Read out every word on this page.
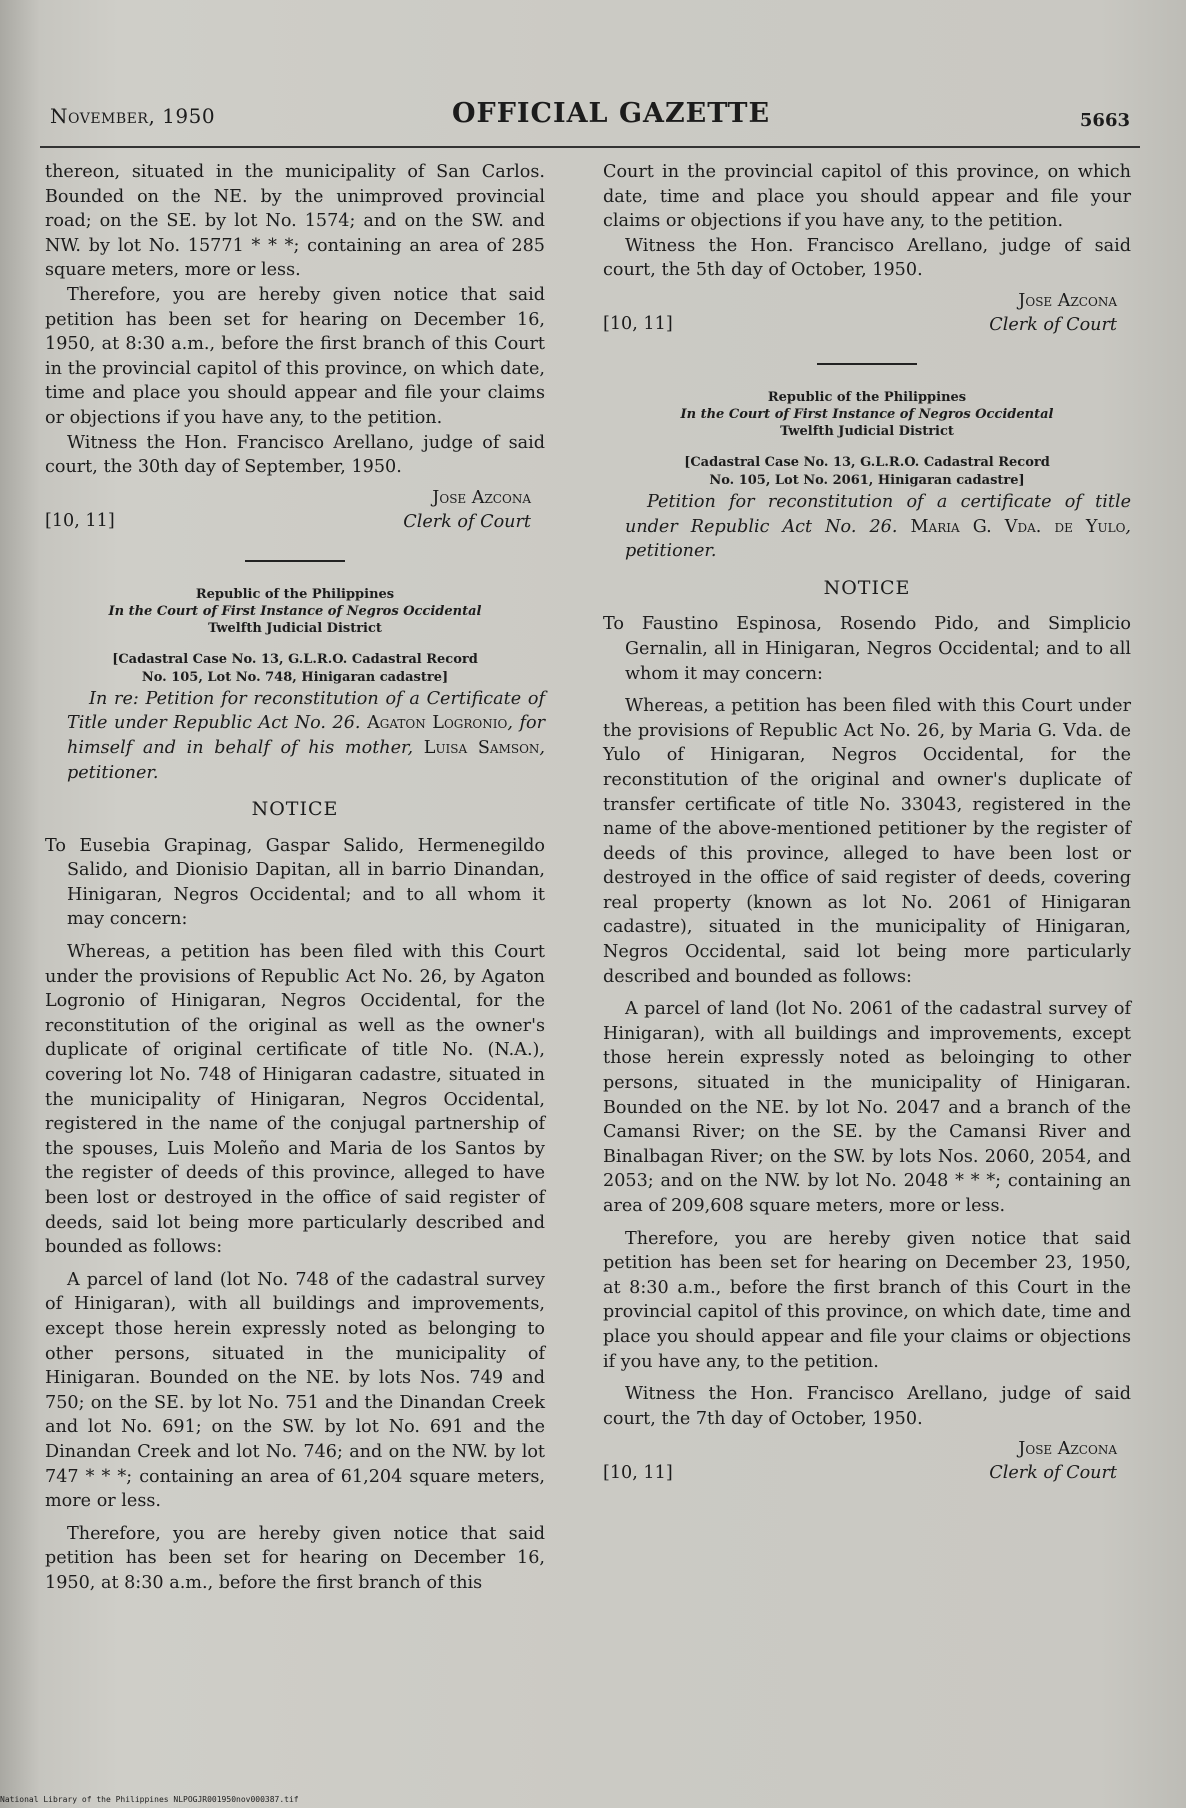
November, 1950	OFFICIAL GAZETTE	5663

thereon, situated in the municipality of San Carlos. Bounded on the NE. by the unimproved provincial road; on the SE. by lot No. 1574; and on the SW. and NW. by lot No. 15771 * * *; containing an area of 285 square meters, more or less.

Therefore, you are hereby given notice that said petition has been set for hearing on December 16, 1950, at 8:30 a.m., before the first branch of this Court in the provincial capitol of this province, on which date, time and place you should appear and file your claims or objections if you have any, to the petition.

Witness the Hon. Francisco Arellano, judge of said court, the 30th day of September, 1950.

[10, 11]
Jose Azcona
Clerk of Court
Republic of the Philippines
In the Court of First Instance of Negros Occidental
Twelfth Judicial District
[Cadastral Case No. 13, G.L.R.O. Cadastral Record
No. 105, Lot No. 748, Hinigaran cadastre]

In re: Petition for reconstitution of a Certificate of Title under Republic Act No. 26. Agaton Logronio, for himself and in behalf of his mother, Luisa Samson, petitioner.

NOTICE

To Eusebia Grapinag, Gaspar Salido, Hermenegildo Salido, and Dionisio Dapitan, all in barrio Dinandan, Hinigaran, Negros Occidental; and to all whom it may concern:

Whereas, a petition has been filed with this Court under the provisions of Republic Act No. 26, by Agaton Logronio of Hinigaran, Negros Occidental, for the reconstitution of the original as well as the owner's duplicate of original certificate of title No. (N.A.), covering lot No. 748 of Hinigaran cadastre, situated in the municipality of Hinigaran, Negros Occidental, registered in the name of the conjugal partnership of the spouses, Luis Moleño and Maria de los Santos by the register of deeds of this province, alleged to have been lost or destroyed in the office of said register of deeds, said lot being more particularly described and bounded as follows:

A parcel of land (lot No. 748 of the cadastral survey of Hinigaran), with all buildings and improvements, except those herein expressly noted as belonging to other persons, situated in the municipality of Hinigaran. Bounded on the NE. by lots Nos. 749 and 750; on the SE. by lot No. 751 and the Dinandan Creek and lot No. 691; on the SW. by lot No. 691 and the Dinandan Creek and lot No. 746; and on the NW. by lot 747 * * *; containing an area of 61,204 square meters, more or less.

Therefore, you are hereby given notice that said petition has been set for hearing on December 16, 1950, at 8:30 a.m., before the first branch of this

Court in the provincial capitol of this province, on which date, time and place you should appear and file your claims or objections if you have any, to the petition.

Witness the Hon. Francisco Arellano, judge of said court, the 5th day of October, 1950.

[10, 11]
Jose Azcona
Clerk of Court
Republic of the Philippines
In the Court of First Instance of Negros Occidental
Twelfth Judicial District
[Cadastral Case No. 13, G.L.R.O. Cadastral Record
No. 105, Lot No. 2061, Hinigaran cadastre]

Petition for reconstitution of a certificate of title under Republic Act No. 26. Maria G. Vda. de Yulo, petitioner.

NOTICE

To Faustino Espinosa, Rosendo Pido, and Simplicio Gernalin, all in Hinigaran, Negros Occidental; and to all whom it may concern:

Whereas, a petition has been filed with this Court under the provisions of Republic Act No. 26, by Maria G. Vda. de Yulo of Hinigaran, Negros Occidental, for the reconstitution of the original and owner's duplicate of transfer certificate of title No. 33043, registered in the name of the above-mentioned petitioner by the register of deeds of this province, alleged to have been lost or destroyed in the office of said register of deeds, covering real property (known as lot No. 2061 of Hinigaran cadastre), situated in the municipality of Hinigaran, Negros Occidental, said lot being more particularly described and bounded as follows:

A parcel of land (lot No. 2061 of the cadastral survey of Hinigaran), with all buildings and improvements, except those herein expressly noted as beloinging to other persons, situated in the municipality of Hinigaran. Bounded on the NE. by lot No. 2047 and a branch of the Camansi River; on the SE. by the Camansi River and Binalbagan River; on the SW. by lots Nos. 2060, 2054, and 2053; and on the NW. by lot No. 2048 * * *; containing an area of 209,608 square meters, more or less.

Therefore, you are hereby given notice that said petition has been set for hearing on December 23, 1950, at 8:30 a.m., before the first branch of this Court in the provincial capitol of this province, on which date, time and place you should appear and file your claims or objections if you have any, to the petition.

Witness the Hon. Francisco Arellano, judge of said court, the 7th day of October, 1950.

[10, 11]
Jose Azcona
Clerk of Court
National Library of the Philippines NLPOGJR001950nov000387.tif
